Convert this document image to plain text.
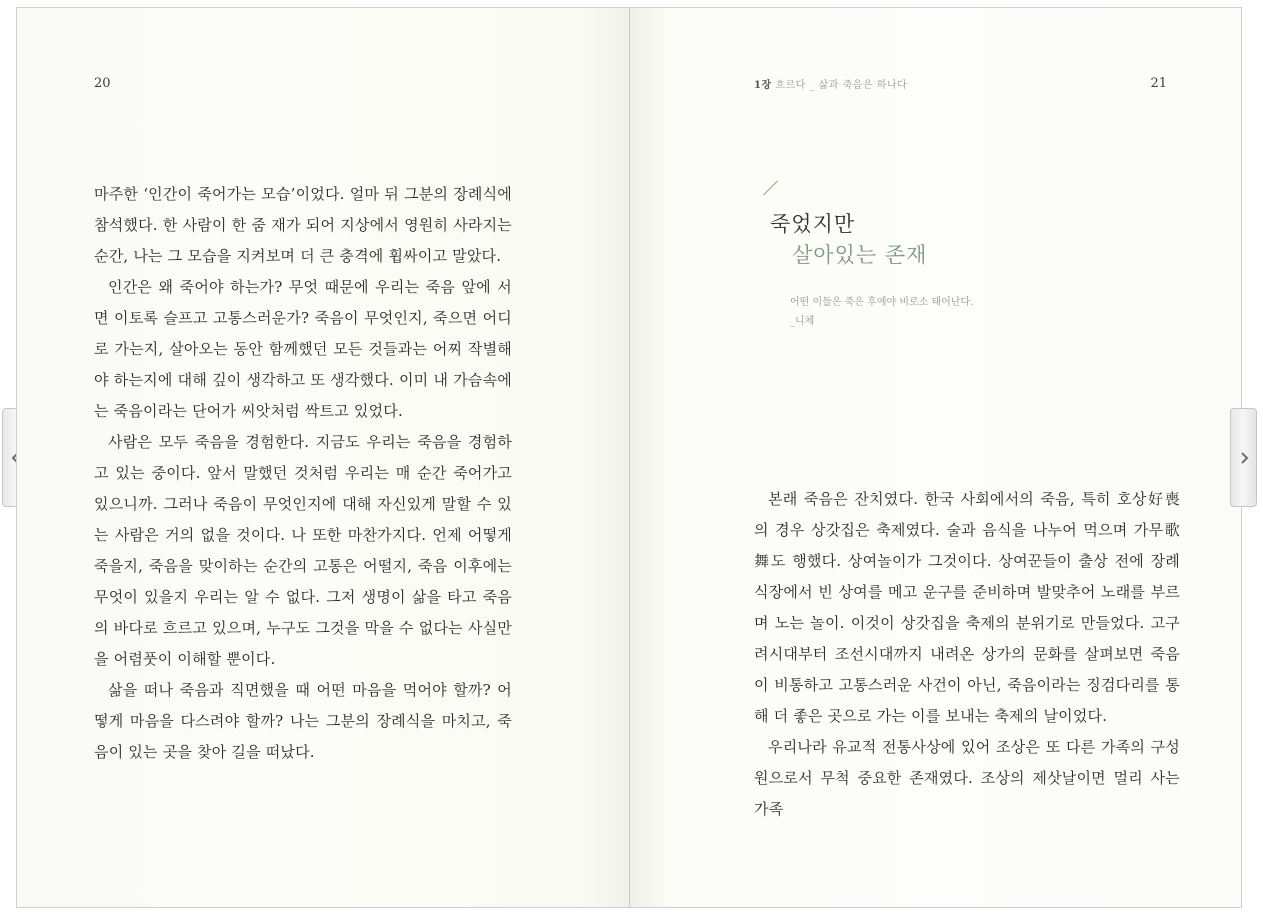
20

마주한 ‘인간이 죽어가는 모습’이었다. 얼마 뒤 그분의 장례식에 참석했다. 한 사람이 한 줌 재가 되어 지상에서 영원히 사라지는 순간, 나는 그 모습을 지켜보며 더 큰 충격에 휩싸이고 말았다.

인간은 왜 죽어야 하는가? 무엇 때문에 우리는 죽음 앞에 서면 이토록 슬프고 고통스러운가? 죽음이 무엇인지, 죽으면 어디로 가는지, 살아오는 동안 함께했던 모든 것들과는 어찌 작별해야 하는지에 대해 깊이 생각하고 또 생각했다. 이미 내 가슴속에는 죽음이라는 단어가 씨앗처럼 싹트고 있었다.

사람은 모두 죽음을 경험한다. 지금도 우리는 죽음을 경험하고 있는 중이다. 앞서 말했던 것처럼 우리는 매 순간 죽어가고 있으니까. 그러나 죽음이 무엇인지에 대해 자신있게 말할 수 있는 사람은 거의 없을 것이다. 나 또한 마찬가지다. 언제 어떻게 죽을지, 죽음을 맞이하는 순간의 고통은 어떨지, 죽음 이후에는 무엇이 있을지 우리는 알 수 없다. 그저 생명이 삶을 타고 죽음의 바다로 흐르고 있으며, 누구도 그것을 막을 수 없다는 사실만을 어렴풋이 이해할 뿐이다.

삶을 떠나 죽음과 직면했을 때 어떤 마음을 먹어야 할까? 어떻게 마음을 다스려야 할까? 나는 그분의 장례식을 마치고, 죽음이 있는 곳을 찾아 길을 떠났다.

1장 흐르다 _ 삶과 죽음은 하나다	21
죽었지만
살아있는 존재
어떤 이들은 죽은 후에야 비로소 태어난다.
_니체

본래 죽음은 잔치였다. 한국 사회에서의 죽음, 특히 호상好喪의 경우 상갓집은 축제였다. 술과 음식을 나누어 먹으며 가무歌舞도 행했다. 상여놀이가 그것이다. 상여꾼들이 출상 전에 장례식장에서 빈 상여를 메고 운구를 준비하며 발맞추어 노래를 부르며 노는 놀이. 이것이 상갓집을 축제의 분위기로 만들었다. 고구려시대부터 조선시대까지 내려온 상가의 문화를 살펴보면 죽음이 비통하고 고통스러운 사건이 아닌, 죽음이라는 징검다리를 통해 더 좋은 곳으로 가는 이를 보내는 축제의 날이었다.

우리나라 유교적 전통사상에 있어 조상은 또 다른 가족의 구성원으로서 무척 중요한 존재였다. 조상의 제삿날이면 멀리 사는 가족
